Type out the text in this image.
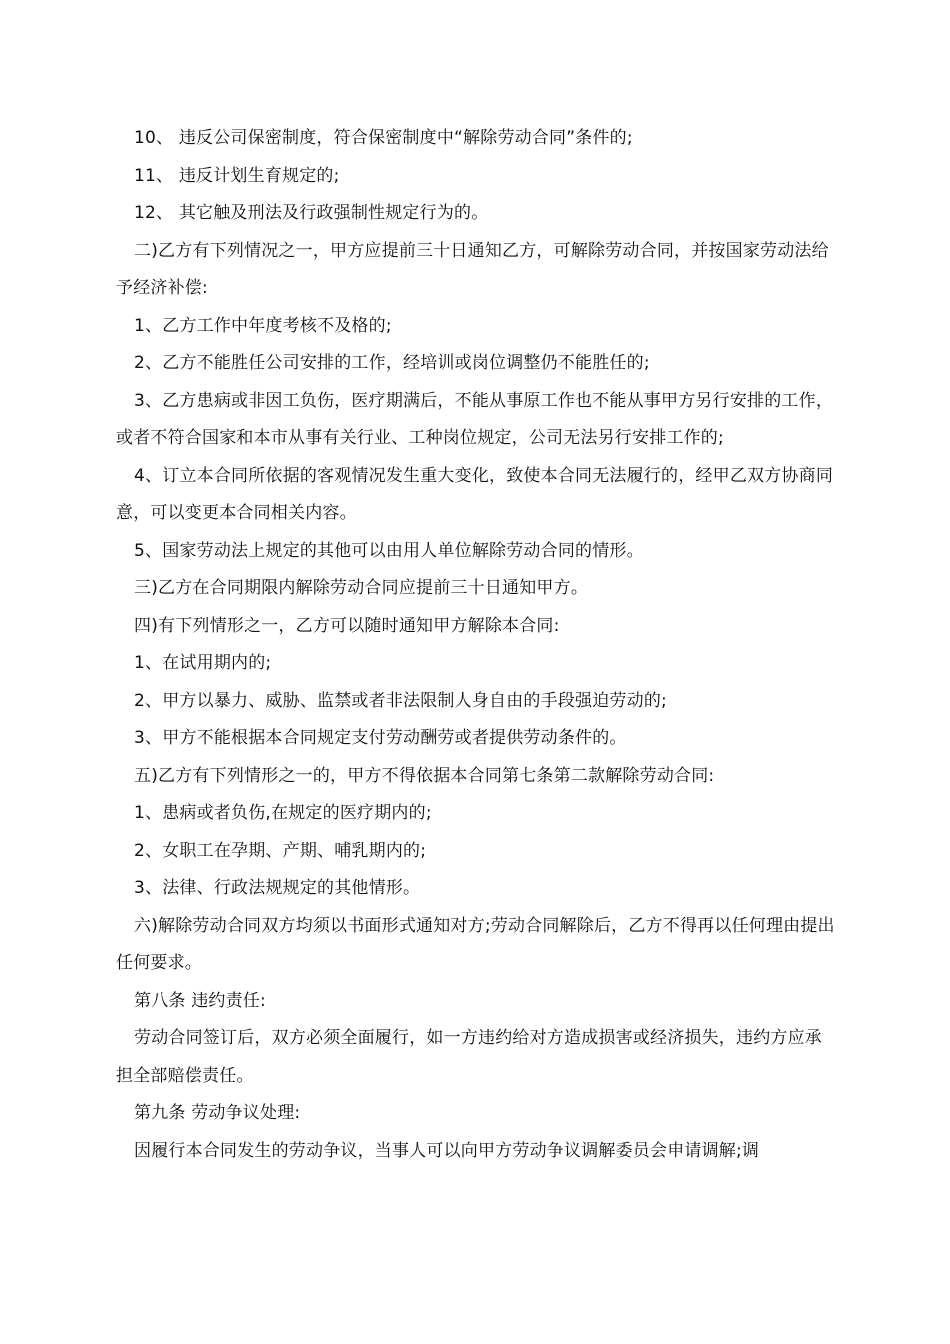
10、 违反公司保密制度，符合保密制度中“解除劳动合同”条件的;

11、 违反计划生育规定的;

12、 其它触及刑法及行政强制性规定行为的。

二)乙方有下列情况之一，甲方应提前三十日通知乙方，可解除劳动合同，并按国家劳动法给予经济补偿:

1、乙方工作中年度考核不及格的;

2、乙方不能胜任公司安排的工作，经培训或岗位调整仍不能胜任的;

3、乙方患病或非因工负伤，医疗期满后，不能从事原工作也不能从事甲方另行安排的工作，或者不符合国家和本市从事有关行业、工种岗位规定，公司无法另行安排工作的;

4、订立本合同所依据的客观情况发生重大变化，致使本合同无法履行的，经甲乙双方协商同意，可以变更本合同相关内容。

5、国家劳动法上规定的其他可以由用人单位解除劳动合同的情形。

三)乙方在合同期限内解除劳动合同应提前三十日通知甲方。

四)有下列情形之一，乙方可以随时通知甲方解除本合同:

1、在试用期内的;

2、甲方以暴力、威胁、监禁或者非法限制人身自由的手段强迫劳动的;

3、甲方不能根据本合同规定支付劳动酬劳或者提供劳动条件的。

五)乙方有下列情形之一的，甲方不得依据本合同第七条第二款解除劳动合同:

1、患病或者负伤,在规定的医疗期内的;

2、女职工在孕期、产期、哺乳期内的;

3、法律、行政法规规定的其他情形。

六)解除劳动合同双方均须以书面形式通知对方;劳动合同解除后，乙方不得再以任何理由提出任何要求。

第八条 违约责任:

劳动合同签订后，双方必须全面履行，如一方违约给对方造成损害或经济损失，违约方应承担全部赔偿责任。

第九条 劳动争议处理:

因履行本合同发生的劳动争议，当事人可以向甲方劳动争议调解委员会申请调解;调
